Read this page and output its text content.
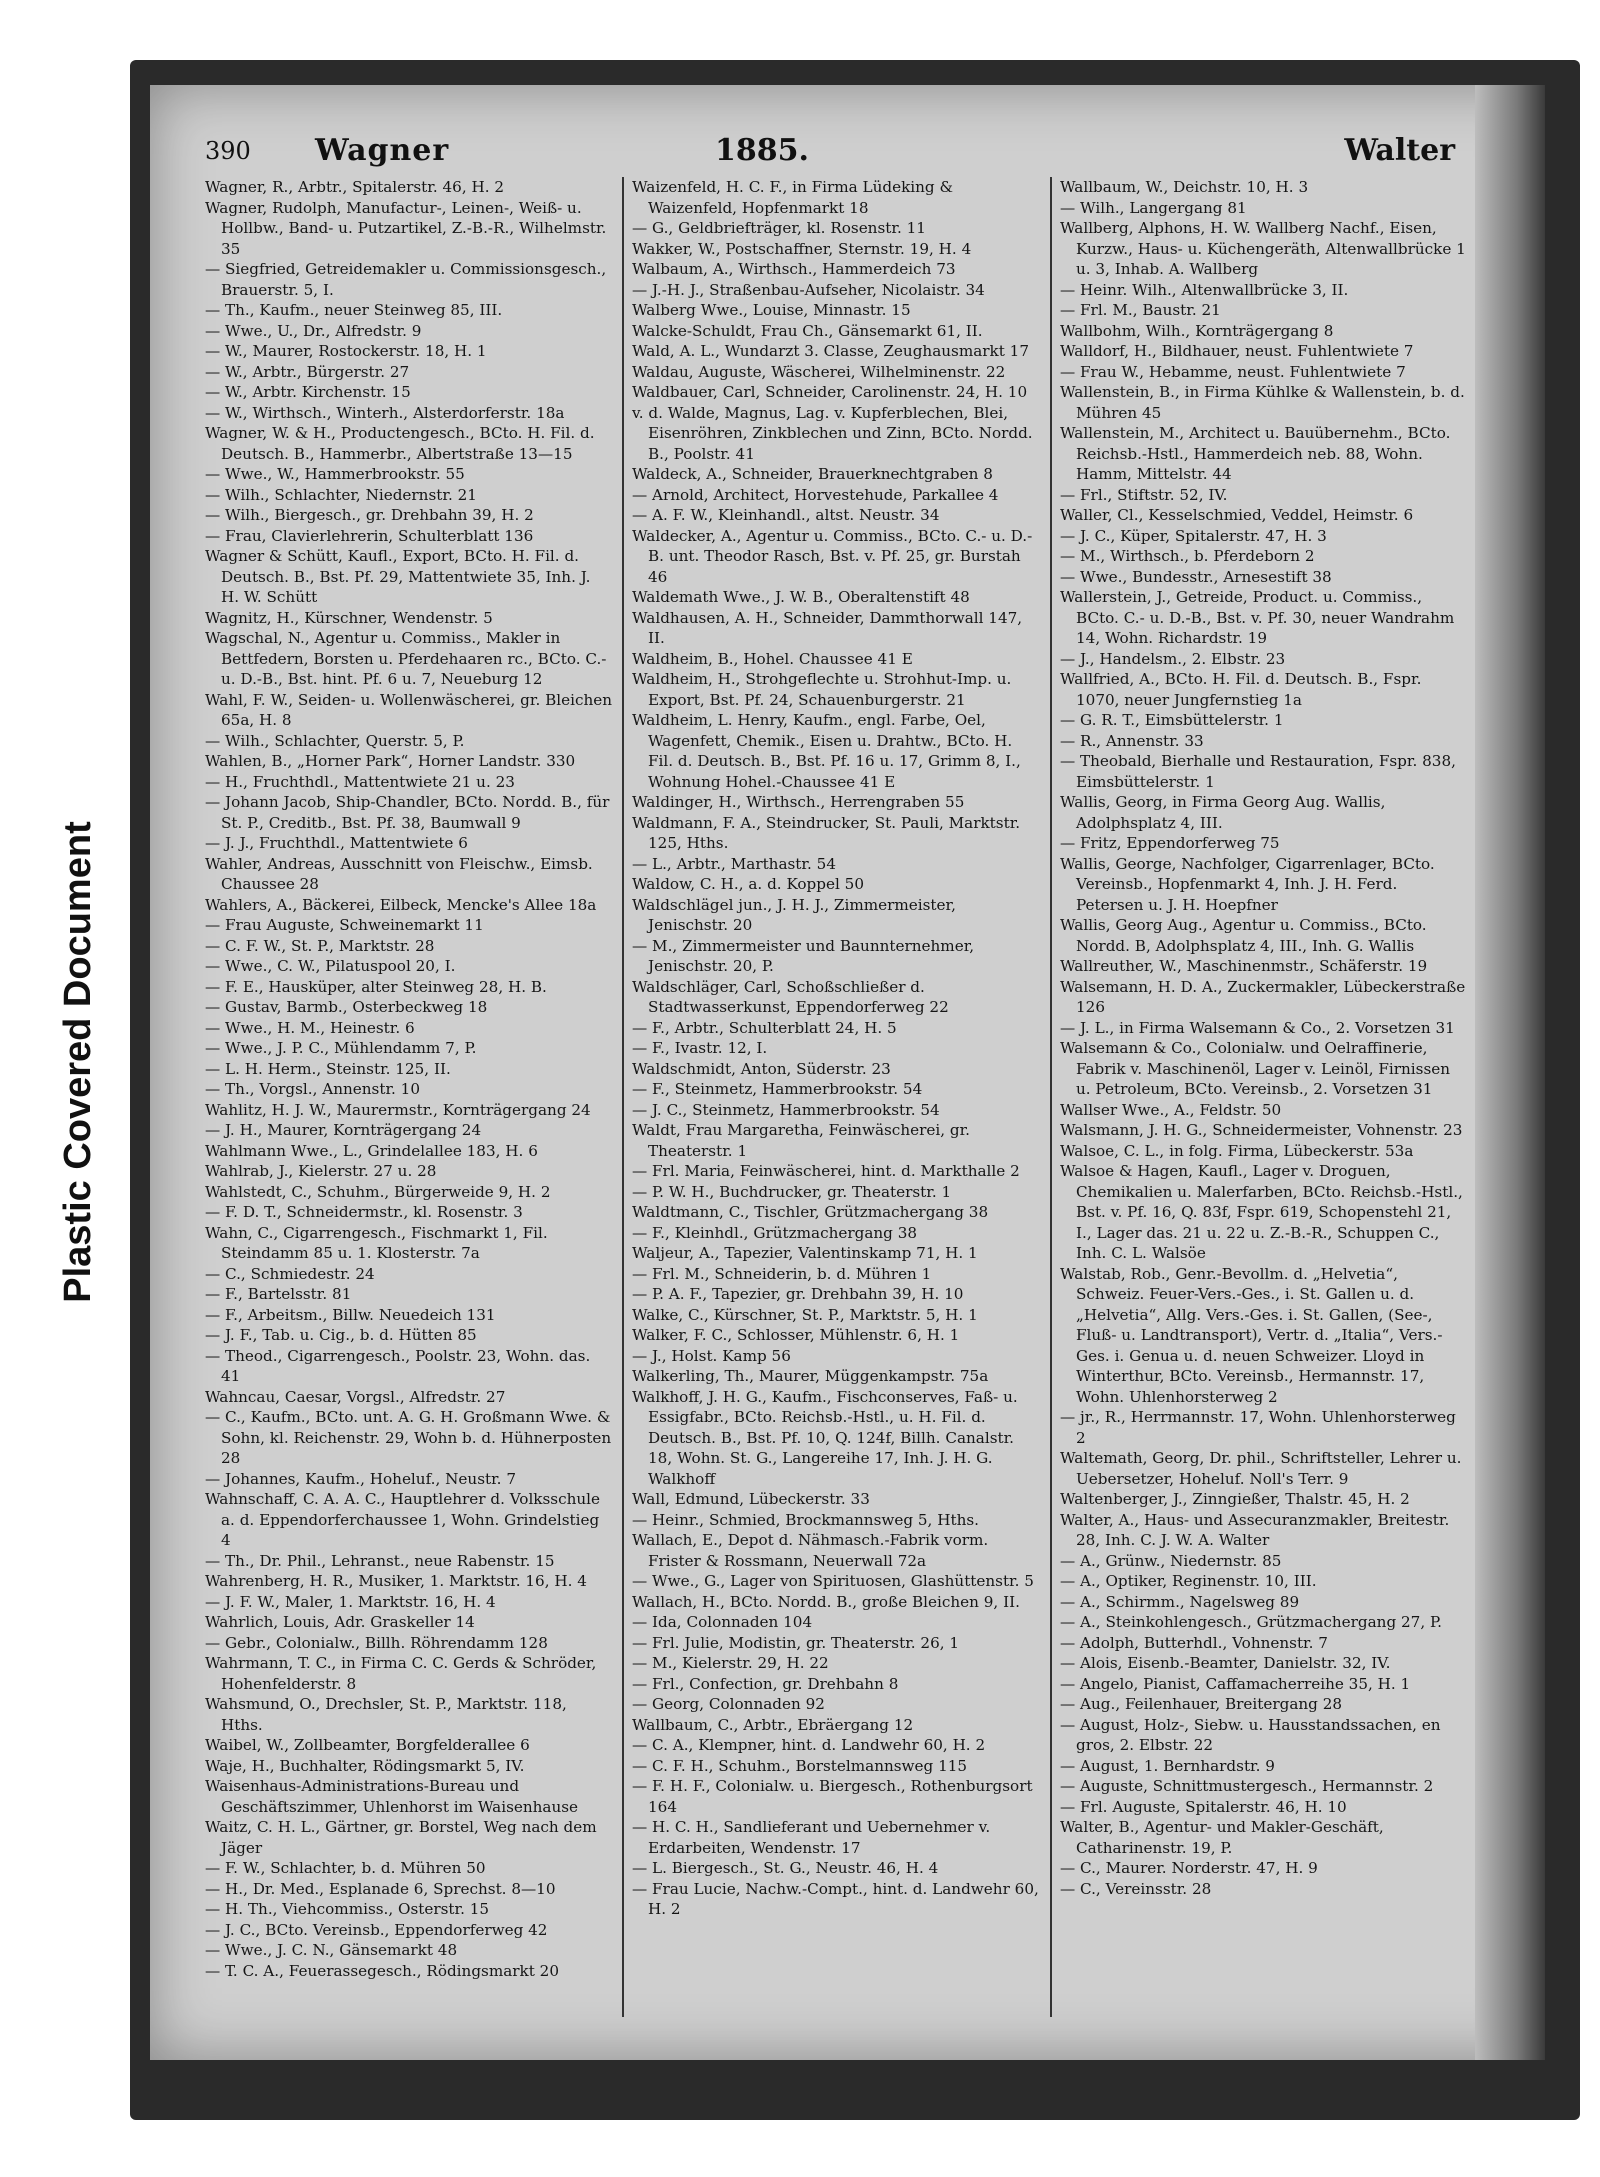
Plastic Covered Document
390 Wagner	1885.	Walter
Wagner, R., Arbtr., Spitalerstr. 46, H. 2
Wagner, Rudolph, Manufactur-, Leinen-, Weiß- u. Hollbw., Band- u. Putzartikel, Z.-B.-R., Wilhelmstr. 35
— Siegfried, Getreidemakler u. Commissionsgesch., Brauerstr. 5, I.
— Th., Kaufm., neuer Steinweg 85, III.
— Wwe., U., Dr., Alfredstr. 9
— W., Maurer, Rostockerstr. 18, H. 1
— W., Arbtr., Bürgerstr. 27
— W., Arbtr. Kirchenstr. 15
— W., Wirthsch., Winterh., Alsterdorferstr. 18a
Wagner, W. & H., Productengesch., BCto. H. Fil. d. Deutsch. B., Hammerbr., Albertstraße 13—15
— Wwe., W., Hammerbrookstr. 55
— Wilh., Schlachter, Niedernstr. 21
— Wilh., Biergesch., gr. Drehbahn 39, H. 2
— Frau, Clavierlehrerin, Schulterblatt 136
Wagner & Schütt, Kaufl., Export, BCto. H. Fil. d. Deutsch. B., Bst. Pf. 29, Mattentwiete 35, Inh. J. H. W. Schütt
Wagnitz, H., Kürschner, Wendenstr. 5
Wagschal, N., Agentur u. Commiss., Makler in Bettfedern, Borsten u. Pferdehaaren rc., BCto. C.- u. D.-B., Bst. hint. Pf. 6 u. 7, Neueburg 12
Wahl, F. W., Seiden- u. Wollenwäscherei, gr. Bleichen 65a, H. 8
— Wilh., Schlachter, Querstr. 5, P.
Wahlen, B., „Horner Park“, Horner Landstr. 330
— H., Fruchthdl., Mattentwiete 21 u. 23
— Johann Jacob, Ship-Chandler, BCto. Nordd. B., für St. P., Creditb., Bst. Pf. 38, Baumwall 9
— J. J., Fruchthdl., Mattentwiete 6
Wahler, Andreas, Ausschnitt von Fleischw., Eimsb. Chaussee 28
Wahlers, A., Bäckerei, Eilbeck, Mencke's Allee 18a
— Frau Auguste, Schweinemarkt 11
— C. F. W., St. P., Marktstr. 28
— Wwe., C. W., Pilatuspool 20, I.
— F. E., Hausküper, alter Steinweg 28, H. B.
— Gustav, Barmb., Osterbeckweg 18
— Wwe., H. M., Heinestr. 6
— Wwe., J. P. C., Mühlendamm 7, P.
— L. H. Herm., Steinstr. 125, II.
— Th., Vorgsl., Annenstr. 10
Wahlitz, H. J. W., Maurermstr., Kornträgergang 24
— J. H., Maurer, Kornträgergang 24
Wahlmann Wwe., L., Grindelallee 183, H. 6
Wahlrab, J., Kielerstr. 27 u. 28
Wahlstedt, C., Schuhm., Bürgerweide 9, H. 2
— F. D. T., Schneidermstr., kl. Rosenstr. 3
Wahn, C., Cigarrengesch., Fischmarkt 1, Fil. Steindamm 85 u. 1. Klosterstr. 7a
— C., Schmiedestr. 24
— F., Bartelsstr. 81
— F., Arbeitsm., Billw. Neuedeich 131
— J. F., Tab. u. Cig., b. d. Hütten 85
— Theod., Cigarrengesch., Poolstr. 23, Wohn. das. 41
Wahncau, Caesar, Vorgsl., Alfredstr. 27
— C., Kaufm., BCto. unt. A. G. H. Großmann Wwe. & Sohn, kl. Reichenstr. 29, Wohn b. d. Hühnerposten 28
— Johannes, Kaufm., Hoheluf., Neustr. 7
Wahnschaff, C. A. A. C., Hauptlehrer d. Volksschule a. d. Eppendorferchaussee 1, Wohn. Grindelstieg 4
— Th., Dr. Phil., Lehranst., neue Rabenstr. 15
Wahrenberg, H. R., Musiker, 1. Marktstr. 16, H. 4
— J. F. W., Maler, 1. Marktstr. 16, H. 4
Wahrlich, Louis, Adr. Graskeller 14
— Gebr., Colonialw., Billh. Röhrendamm 128
Wahrmann, T. C., in Firma C. C. Gerds & Schröder, Hohenfelderstr. 8
Wahsmund, O., Drechsler, St. P., Marktstr. 118, Hths.
Waibel, W., Zollbeamter, Borgfelderallee 6
Waje, H., Buchhalter, Rödingsmarkt 5, IV.
Waisenhaus-Administrations-Bureau und Geschäftszimmer, Uhlenhorst im Waisenhause
Waitz, C. H. L., Gärtner, gr. Borstel, Weg nach dem Jäger
— F. W., Schlachter, b. d. Mühren 50
— H., Dr. Med., Esplanade 6, Sprechst. 8—10
— H. Th., Viehcommiss., Osterstr. 15
— J. C., BCto. Vereinsb., Eppendorferweg 42
— Wwe., J. C. N., Gänsemarkt 48
— T. C. A., Feuerassegesch., Rödingsmarkt 20
Waizenfeld, H. C. F., in Firma Lüdeking & Waizenfeld, Hopfenmarkt 18
— G., Geldbriefträger, kl. Rosenstr. 11
Wakker, W., Postschaffner, Sternstr. 19, H. 4
Walbaum, A., Wirthsch., Hammerdeich 73
— J.-H. J., Straßenbau-Aufseher, Nicolaistr. 34
Walberg Wwe., Louise, Minnastr. 15
Walcke-Schuldt, Frau Ch., Gänsemarkt 61, II.
Wald, A. L., Wundarzt 3. Classe, Zeughausmarkt 17
Waldau, Auguste, Wäscherei, Wilhelminenstr. 22
Waldbauer, Carl, Schneider, Carolinenstr. 24, H. 10
v. d. Walde, Magnus, Lag. v. Kupferblechen, Blei, Eisenröhren, Zinkblechen und Zinn, BCto. Nordd. B., Poolstr. 41
Waldeck, A., Schneider, Brauerknechtgraben 8
— Arnold, Architect, Horvestehude, Parkallee 4
— A. F. W., Kleinhandl., altst. Neustr. 34
Waldecker, A., Agentur u. Commiss., BCto. C.- u. D.-B. unt. Theodor Rasch, Bst. v. Pf. 25, gr. Burstah 46
Waldemath Wwe., J. W. B., Oberaltenstift 48
Waldhausen, A. H., Schneider, Dammthorwall 147, II.
Waldheim, B., Hohel. Chaussee 41 E
Waldheim, H., Strohgeflechte u. Strohhut-Imp. u. Export, Bst. Pf. 24, Schauenburgerstr. 21
Waldheim, L. Henry, Kaufm., engl. Farbe, Oel, Wagenfett, Chemik., Eisen u. Drahtw., BCto. H. Fil. d. Deutsch. B., Bst. Pf. 16 u. 17, Grimm 8, I., Wohnung Hohel.-Chaussee 41 E
Waldinger, H., Wirthsch., Herrengraben 55
Waldmann, F. A., Steindrucker, St. Pauli, Marktstr. 125, Hths.
— L., Arbtr., Marthastr. 54
Waldow, C. H., a. d. Koppel 50
Waldschlägel jun., J. H. J., Zimmermeister, Jenischstr. 20
— M., Zimmermeister und Baunnternehmer, Jenischstr. 20, P.
Waldschläger, Carl, Schoßschließer d. Stadtwasserkunst, Eppendorferweg 22
— F., Arbtr., Schulterblatt 24, H. 5
— F., Ivastr. 12, I.
Waldschmidt, Anton, Süderstr. 23
— F., Steinmetz, Hammerbrookstr. 54
— J. C., Steinmetz, Hammerbrookstr. 54
Waldt, Frau Margaretha, Feinwäscherei, gr. Theaterstr. 1
— Frl. Maria, Feinwäscherei, hint. d. Markthalle 2
— P. W. H., Buchdrucker, gr. Theaterstr. 1
Waldtmann, C., Tischler, Grützmachergang 38
— F., Kleinhdl., Grützmachergang 38
Waljeur, A., Tapezier, Valentinskamp 71, H. 1
— Frl. M., Schneiderin, b. d. Mühren 1
— P. A. F., Tapezier, gr. Drehbahn 39, H. 10
Walke, C., Kürschner, St. P., Marktstr. 5, H. 1
Walker, F. C., Schlosser, Mühlenstr. 6, H. 1
— J., Holst. Kamp 56
Walkerling, Th., Maurer, Müggenkampstr. 75a
Walkhoff, J. H. G., Kaufm., Fischconserves, Faß- u. Essigfabr., BCto. Reichsb.-Hstl., u. H. Fil. d. Deutsch. B., Bst. Pf. 10, Q. 124f, Billh. Canalstr. 18, Wohn. St. G., Langereihe 17, Inh. J. H. G. Walkhoff
Wall, Edmund, Lübeckerstr. 33
— Heinr., Schmied, Brockmannsweg 5, Hths.
Wallach, E., Depot d. Nähmasch.-Fabrik vorm. Frister & Rossmann, Neuerwall 72a
— Wwe., G., Lager von Spirituosen, Glashüttenstr. 5
Wallach, H., BCto. Nordd. B., große Bleichen 9, II.
— Ida, Colonnaden 104
— Frl. Julie, Modistin, gr. Theaterstr. 26, 1
— M., Kielerstr. 29, H. 22
— Frl., Confection, gr. Drehbahn 8
— Georg, Colonnaden 92
Wallbaum, C., Arbtr., Ebräergang 12
— C. A., Klempner, hint. d. Landwehr 60, H. 2
— C. F. H., Schuhm., Borstelmannsweg 115
— F. H. F., Colonialw. u. Biergesch., Rothenburgsort 164
— H. C. H., Sandlieferant und Uebernehmer v. Erdarbeiten, Wendenstr. 17
— L. Biergesch., St. G., Neustr. 46, H. 4
— Frau Lucie, Nachw.-Compt., hint. d. Landwehr 60, H. 2
Wallbaum, W., Deichstr. 10, H. 3
— Wilh., Langergang 81
Wallberg, Alphons, H. W. Wallberg Nachf., Eisen, Kurzw., Haus- u. Küchengeräth, Altenwallbrücke 1 u. 3, Inhab. A. Wallberg
— Heinr. Wilh., Altenwallbrücke 3, II.
— Frl. M., Baustr. 21
Wallbohm, Wilh., Kornträgergang 8
Walldorf, H., Bildhauer, neust. Fuhlentwiete 7
— Frau W., Hebamme, neust. Fuhlentwiete 7
Wallenstein, B., in Firma Kühlke & Wallenstein, b. d. Mühren 45
Wallenstein, M., Architect u. Bauübernehm., BCto. Reichsb.-Hstl., Hammerdeich neb. 88, Wohn. Hamm, Mittelstr. 44
— Frl., Stiftstr. 52, IV.
Waller, Cl., Kesselschmied, Veddel, Heimstr. 6
— J. C., Küper, Spitalerstr. 47, H. 3
— M., Wirthsch., b. Pferdeborn 2
— Wwe., Bundesstr., Arnesestift 38
Wallerstein, J., Getreide, Product. u. Commiss., BCto. C.- u. D.-B., Bst. v. Pf. 30, neuer Wandrahm 14, Wohn. Richardstr. 19
— J., Handelsm., 2. Elbstr. 23
Wallfried, A., BCto. H. Fil. d. Deutsch. B., Fspr. 1070, neuer Jungfernstieg 1a
— G. R. T., Eimsbüttelerstr. 1
— R., Annenstr. 33
— Theobald, Bierhalle und Restauration, Fspr. 838, Eimsbüttelerstr. 1
Wallis, Georg, in Firma Georg Aug. Wallis, Adolphsplatz 4, III.
— Fritz, Eppendorferweg 75
Wallis, George, Nachfolger, Cigarrenlager, BCto. Vereinsb., Hopfenmarkt 4, Inh. J. H. Ferd. Petersen u. J. H. Hoepfner
Wallis, Georg Aug., Agentur u. Commiss., BCto. Nordd. B, Adolphsplatz 4, III., Inh. G. Wallis
Wallreuther, W., Maschinenmstr., Schäferstr. 19
Walsemann, H. D. A., Zuckermakler, Lübeckerstraße 126
— J. L., in Firma Walsemann & Co., 2. Vorsetzen 31
Walsemann & Co., Colonialw. und Oelraffinerie, Fabrik v. Maschinenöl, Lager v. Leinöl, Firnissen u. Petroleum, BCto. Vereinsb., 2. Vorsetzen 31
Wallser Wwe., A., Feldstr. 50
Walsmann, J. H. G., Schneidermeister, Vohnenstr. 23
Walsoe, C. L., in folg. Firma, Lübeckerstr. 53a
Walsoe & Hagen, Kaufl., Lager v. Droguen, Chemikalien u. Malerfarben, BCto. Reichsb.-Hstl., Bst. v. Pf. 16, Q. 83f, Fspr. 619, Schopenstehl 21, I., Lager das. 21 u. 22 u. Z.-B.-R., Schuppen C., Inh. C. L. Walsöe
Walstab, Rob., Genr.-Bevollm. d. „Helvetia“, Schweiz. Feuer-Vers.-Ges., i. St. Gallen u. d. „Helvetia“, Allg. Vers.-Ges. i. St. Gallen, (See-, Fluß- u. Landtransport), Vertr. d. „Italia“, Vers.-Ges. i. Genua u. d. neuen Schweizer. Lloyd in Winterthur, BCto. Vereinsb., Hermannstr. 17, Wohn. Uhlenhorsterweg 2
— jr., R., Herrmannstr. 17, Wohn. Uhlenhorsterweg 2
Waltemath, Georg, Dr. phil., Schriftsteller, Lehrer u. Uebersetzer, Hoheluf. Noll's Terr. 9
Waltenberger, J., Zinngießer, Thalstr. 45, H. 2
Walter, A., Haus- und Assecuranzmakler, Breitestr. 28, Inh. C. J. W. A. Walter
— A., Grünw., Niedernstr. 85
— A., Optiker, Reginenstr. 10, III.
— A., Schirmm., Nagelsweg 89
— A., Steinkohlengesch., Grützmachergang 27, P.
— Adolph, Butterhdl., Vohnenstr. 7
— Alois, Eisenb.-Beamter, Danielstr. 32, IV.
— Angelo, Pianist, Caffamacherreihe 35, H. 1
— Aug., Feilenhauer, Breitergang 28
— August, Holz-, Siebw. u. Hausstandssachen, en gros, 2. Elbstr. 22
— August, 1. Bernhardstr. 9
— Auguste, Schnittmustergesch., Hermannstr. 2
— Frl. Auguste, Spitalerstr. 46, H. 10
Walter, B., Agentur- und Makler-Geschäft, Catharinenstr. 19, P.
— C., Maurer. Norderstr. 47, H. 9
— C., Vereinsstr. 28
